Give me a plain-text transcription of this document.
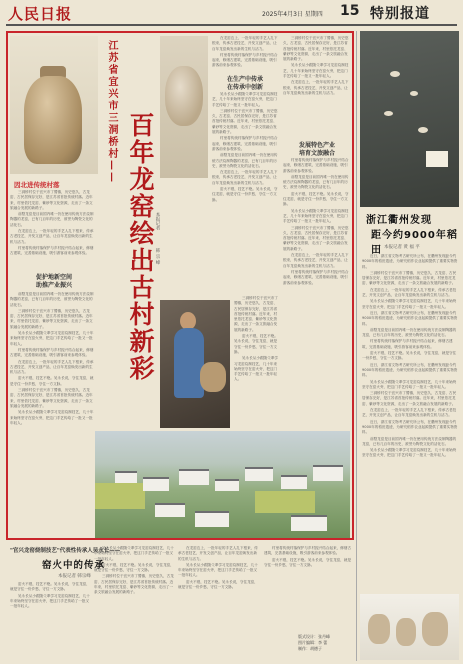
人民日报	2025年4月3日 星期四 15 特别报道
江苏省宜兴市三洞桥村—— 百年龙窑绘出古村新彩 本报记者
韩 宗 峰
因北进传统村落
三洞桥村位于宜兴市丁蜀镇，历史悠久，古龙窑、古民居保存完好，是江苏省首批传统村落。近年来，村里依托龙窑、紫砂等文化资源，走出了一条文旅融合发展的新路子。
前墅龙窑是目前国内唯一仍在使用传统方法烧制陶器的龙窑，已有几百年的历史，被誉为陶瓷文化的活化石。
在龙窑边上，一批年轻的手艺人扎下根来，传承古老技艺，开发文创产品，让百年龙窑焕发出新的生机与活力。
村里将传统村落保护与乡村振兴结合起来，修缮古建筑，完善基础设施，吸引游客前来参观体验。
促护地新空间
助推产业振兴
前墅龙窑是目前国内唯一仍在使用传统方法烧制陶器的龙窑，已有几百年的历史，被誉为陶瓷文化的活化石。
三洞桥村位于宜兴市丁蜀镇，历史悠久，古龙窑、古民居保存完好，是江苏省首批传统村落。近年来，村里依托龙窑、紫砂等文化资源，走出了一条文旅融合发展的新路子。
吴永长从小跟随父辈学习龙窑烧制技艺，几十年来始终坚守在窑火旁，把这门手艺传给了一批又一批年轻人。
村里将传统村落保护与乡村振兴结合起来，修缮古建筑，完善基础设施，吸引游客前来参观体验。
在龙窑边上，一批年轻的手艺人扎下根来，传承古老技艺，开发文创产品，让百年龙窑焕发出新的生机与活力。
窑火不熄，技艺不绝。吴永长说，守住龙窑，就是守住一份乡愁，守住一方文脉。
三洞桥村位于宜兴市丁蜀镇，历史悠久，古龙窑、古民居保存完好，是江苏省首批传统村落。近年来，村里依托龙窑、紫砂等文化资源，走出了一条文旅融合发展的新路子。
吴永长从小跟随父辈学习龙窑烧制技艺，几十年来始终坚守在窑火旁，把这门手艺传给了一批又一批年轻人。
在龙窑边上，一批年轻的手艺人扎下根来，传承古老技艺，开发文创产品，让百年龙窑焕发出新的生机与活力。
村里将传统村落保护与乡村振兴结合起来，修缮古建筑，完善基础设施，吸引游客前来参观体验。
在生产中传承
在传承中创新
吴永长从小跟随父辈学习龙窑烧制技艺，几十年来始终坚守在窑火旁，把这门手艺传给了一批又一批年轻人。
三洞桥村位于宜兴市丁蜀镇，历史悠久，古龙窑、古民居保存完好，是江苏省首批传统村落。近年来，村里依托龙窑、紫砂等文化资源，走出了一条文旅融合发展的新路子。
村里将传统村落保护与乡村振兴结合起来，修缮古建筑，完善基础设施，吸引游客前来参观体验。
前墅龙窑是目前国内唯一仍在使用传统方法烧制陶器的龙窑，已有几百年的历史，被誉为陶瓷文化的活化石。
在龙窑边上，一批年轻的手艺人扎下根来，传承古老技艺，开发文创产品，让百年龙窑焕发出新的生机与活力。
窑火不熄，技艺不绝。吴永长说，守住龙窑，就是守住一份乡愁，守住一方文脉。
三洞桥村位于宜兴市丁蜀镇，历史悠久，古龙窑、古民居保存完好，是江苏省首批传统村落。近年来，村里依托龙窑、紫砂等文化资源，走出了一条文旅融合发展的新路子。
吴永长从小跟随父辈学习龙窑烧制技艺，几十年来始终坚守在窑火旁，把这门手艺传给了一批又一批年轻人。
在龙窑边上，一批年轻的手艺人扎下根来，传承古老技艺，开发文创产品，让百年龙窑焕发出新的生机与活力。
发展特色产业
培育文旅融合
村里将传统村落保护与乡村振兴结合起来，修缮古建筑，完善基础设施，吸引游客前来参观体验。
前墅龙窑是目前国内唯一仍在使用传统方法烧制陶器的龙窑，已有几百年的历史，被誉为陶瓷文化的活化石。
窑火不熄，技艺不绝。吴永长说，守住龙窑，就是守住一份乡愁，守住一方文脉。
吴永长从小跟随父辈学习龙窑烧制技艺，几十年来始终坚守在窑火旁，把这门手艺传给了一批又一批年轻人。
三洞桥村位于宜兴市丁蜀镇，历史悠久，古龙窑、古民居保存完好，是江苏省首批传统村落。近年来，村里依托龙窑、紫砂等文化资源，走出了一条文旅融合发展的新路子。
在龙窑边上，一批年轻的手艺人扎下根来，传承古老技艺，开发文创产品，让百年龙窑焕发出新的生机与活力。
村里将传统村落保护与乡村振兴结合起来，修缮古建筑，完善基础设施，吸引游客前来参观体验。
三洞桥村位于宜兴市丁蜀镇，历史悠久，古龙窑、古民居保存完好，是江苏省首批传统村落。近年来，村里依托龙窑、紫砂等文化资源，走出了一条文旅融合发展的新路子。
窑火不熄，技艺不绝。吴永长说，守住龙窑，就是守住一份乡愁，守住一方文脉。
吴永长从小跟随父辈学习龙窑烧制技艺，几十年来始终坚守在窑火旁，把这门手艺传给了一批又一批年轻人。
浙江衢州发现
距今约9000年稻田 本报记者 黄 福 平
近日，浙江省文物考古研究所公布，在衢州发现距今约9000年的稻田遗迹，为研究稻作农业起源提供了重要实物资料。
三洞桥村位于宜兴市丁蜀镇，历史悠久，古龙窑、古民居保存完好，是江苏省首批传统村落。近年来，村里依托龙窑、紫砂等文化资源，走出了一条文旅融合发展的新路子。
在龙窑边上，一批年轻的手艺人扎下根来，传承古老技艺，开发文创产品，让百年龙窑焕发出新的生机与活力。
吴永长从小跟随父辈学习龙窑烧制技艺，几十年来始终坚守在窑火旁，把这门手艺传给了一批又一批年轻人。
近日，浙江省文物考古研究所公布，在衢州发现距今约9000年的稻田遗迹，为研究稻作农业起源提供了重要实物资料。
前墅龙窑是目前国内唯一仍在使用传统方法烧制陶器的龙窑，已有几百年的历史，被誉为陶瓷文化的活化石。
村里将传统村落保护与乡村振兴结合起来，修缮古建筑，完善基础设施，吸引游客前来参观体验。
窑火不熄，技艺不绝。吴永长说，守住龙窑，就是守住一份乡愁，守住一方文脉。
近日，浙江省文物考古研究所公布，在衢州发现距今约9000年的稻田遗迹，为研究稻作农业起源提供了重要实物资料。
吴永长从小跟随父辈学习龙窑烧制技艺，几十年来始终坚守在窑火旁，把这门手艺传给了一批又一批年轻人。
三洞桥村位于宜兴市丁蜀镇，历史悠久，古龙窑、古民居保存完好，是江苏省首批传统村落。近年来，村里依托龙窑、紫砂等文化资源，走出了一条文旅融合发展的新路子。
在龙窑边上，一批年轻的手艺人扎下根来，传承古老技艺，开发文创产品，让百年龙窑焕发出新的生机与活力。
近日，浙江省文物考古研究所公布，在衢州发现距今约9000年的稻田遗迹，为研究稻作农业起源提供了重要实物资料。
前墅龙窑是目前国内唯一仍在使用传统方法烧制陶器的龙窑，已有几百年的历史，被誉为陶瓷文化的活化石。
吴永长从小跟随父辈学习龙窑烧制技艺，几十年来始终坚守在窑火旁，把这门手艺传给了一批又一批年轻人。
"官兴龙窑烧制技艺"代表性传承人吴永长——
窑火中的传承
本报记者 韩宗峰
窑火不熄，技艺不绝。吴永长说，守住龙窑，就是守住一份乡愁，守住一方文脉。
吴永长从小跟随父辈学习龙窑烧制技艺，几十年来始终坚守在窑火旁，把这门手艺传给了一批又一批年轻人。
吴永长从小跟随父辈学习龙窑烧制技艺，几十年来始终坚守在窑火旁，把这门手艺传给了一批又一批年轻人。
窑火不熄，技艺不绝。吴永长说，守住龙窑，就是守住一份乡愁，守住一方文脉。
三洞桥村位于宜兴市丁蜀镇，历史悠久，古龙窑、古民居保存完好，是江苏省首批传统村落。近年来，村里依托龙窑、紫砂等文化资源，走出了一条文旅融合发展的新路子。
在龙窑边上，一批年轻的手艺人扎下根来，传承古老技艺，开发文创产品，让百年龙窑焕发出新的生机与活力。
吴永长从小跟随父辈学习龙窑烧制技艺，几十年来始终坚守在窑火旁，把这门手艺传给了一批又一批年轻人。
窑火不熄，技艺不绝。吴永长说，守住龙窑，就是守住一份乡愁，守住一方文脉。
村里将传统村落保护与乡村振兴结合起来，修缮古建筑，完善基础设施，吸引游客前来参观体验。
窑火不熄，技艺不绝。吴永长说，守住龙窑，就是守住一份乡愁，守住一方文脉。
版式设计：张丹峰
图片编辑：李 蕾
制作：胡德子
